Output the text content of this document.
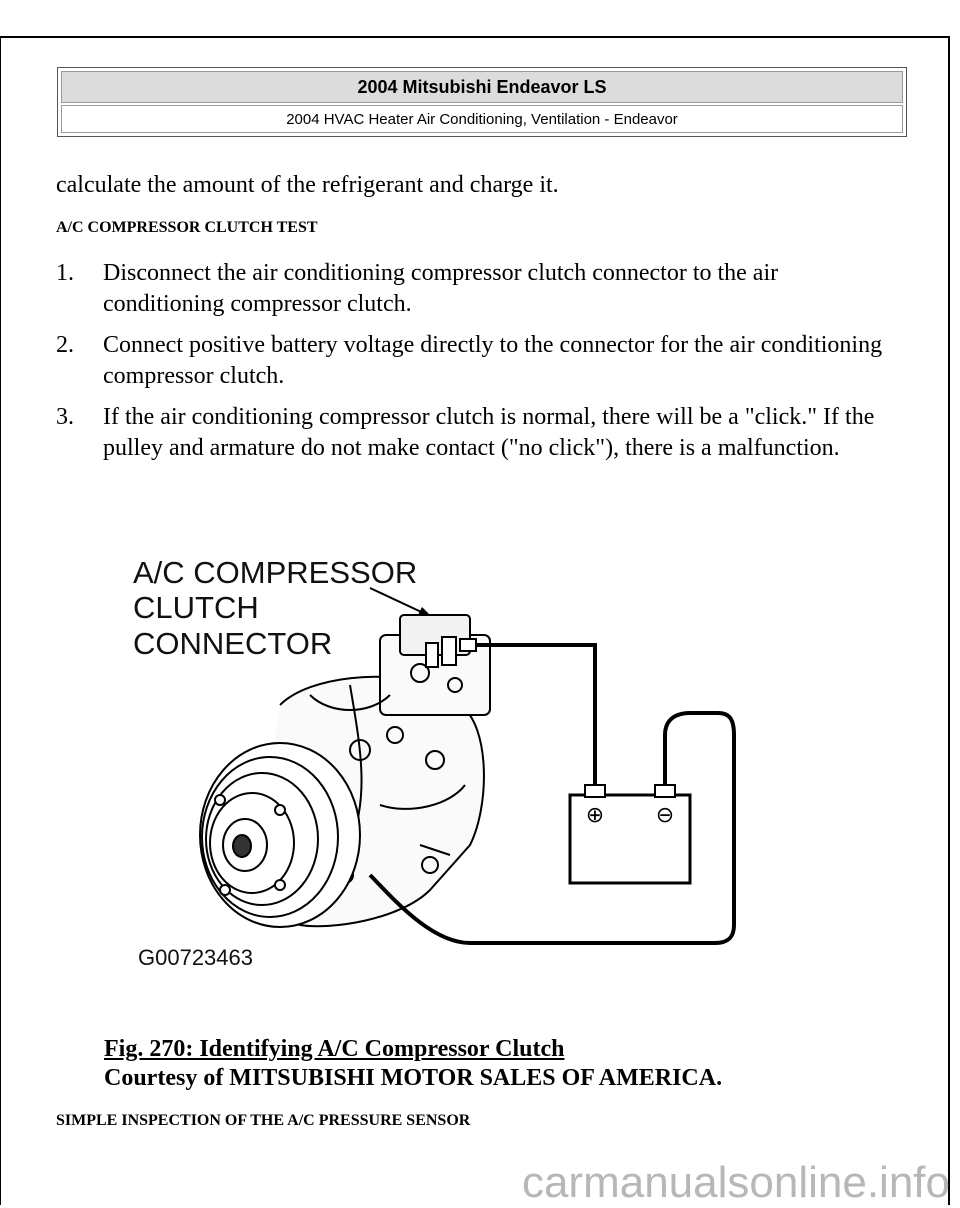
2004 Mitsubishi Endeavor LS
2004 HVAC Heater Air Conditioning, Ventilation - Endeavor
calculate the amount of the refrigerant and charge it.
A/C COMPRESSOR CLUTCH TEST
1. Disconnect the air conditioning compressor clutch connector to the air conditioning compressor clutch.
2. Connect positive battery voltage directly to the connector for the air conditioning compressor clutch.
3. If the air conditioning compressor clutch is normal, there will be a "click." If the pulley and armature do not make contact ("no click"), there is a malfunction.
A/C COMPRESSOR
CLUTCH
CONNECTOR
⊕ ⊖
G00723463
Fig. 270: Identifying A/C Compressor Clutch
Courtesy of MITSUBISHI MOTOR SALES OF AMERICA.
SIMPLE INSPECTION OF THE A/C PRESSURE SENSOR
carmanualsonline.info
